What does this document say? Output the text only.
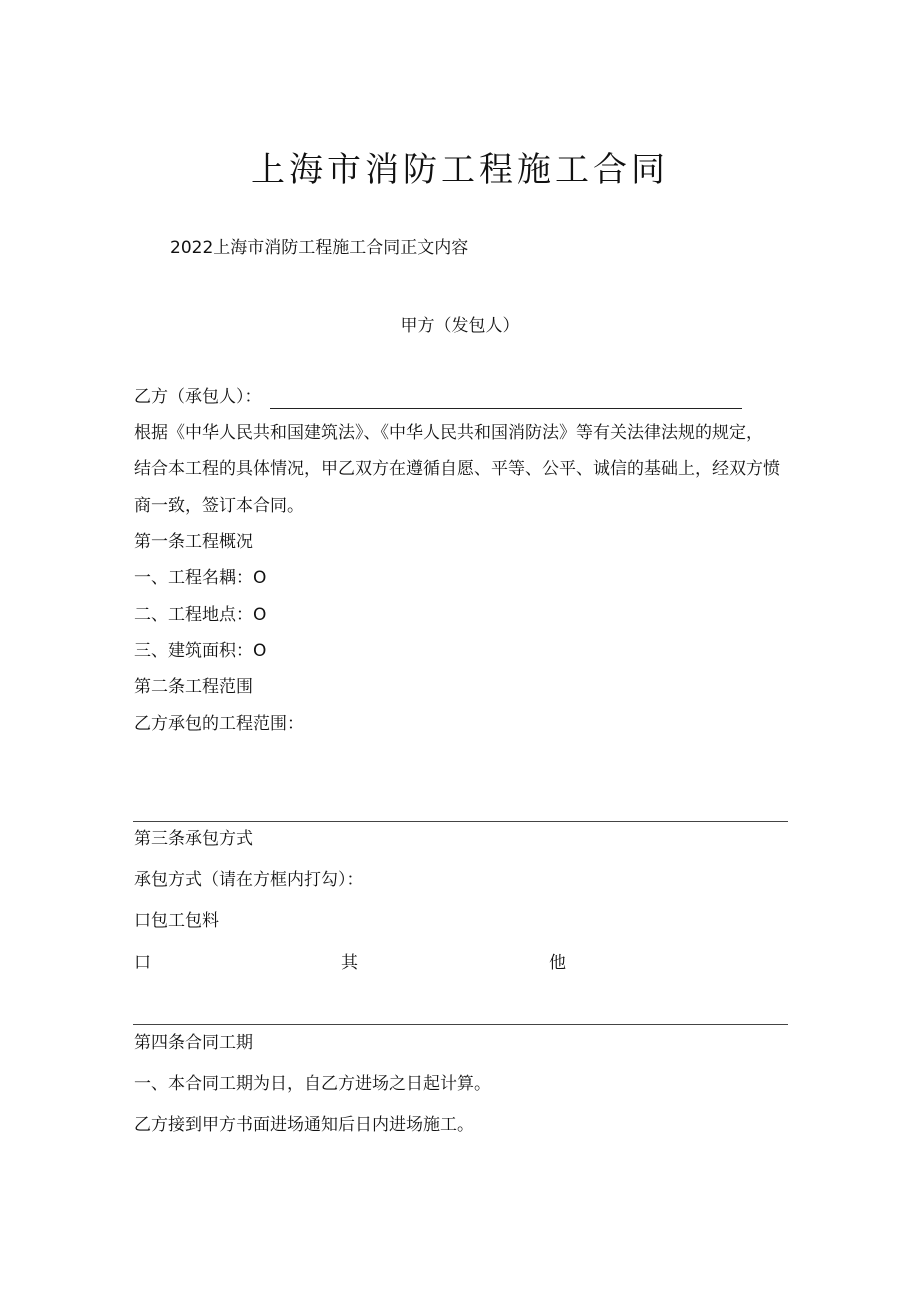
上海市消防工程施工合同
2022上海市消防工程施工合同正文内容
甲方（发包人）
乙方（承包人）：
根据《中华人民共和国建筑法》、《中华人民共和国消防法》等有关法律法规的规定，
结合本工程的具体情况，甲乙双方在遵循自愿、平等、公平、诚信的基础上，经双方愤
商一致，签订本合同。
第一条工程概况
一、工程名耦：O
二、工程地点：O
三、建筑面积：O
第二条工程范围
乙方承包的工程范围：
第三条承包方式
承包方式（请在方框内打勾）：
口包工包料
口	其	他
第四条合同工期
一、本合同工期为日，自乙方进场之日起计算。
乙方接到甲方书面进场通知后日内进场施工。
